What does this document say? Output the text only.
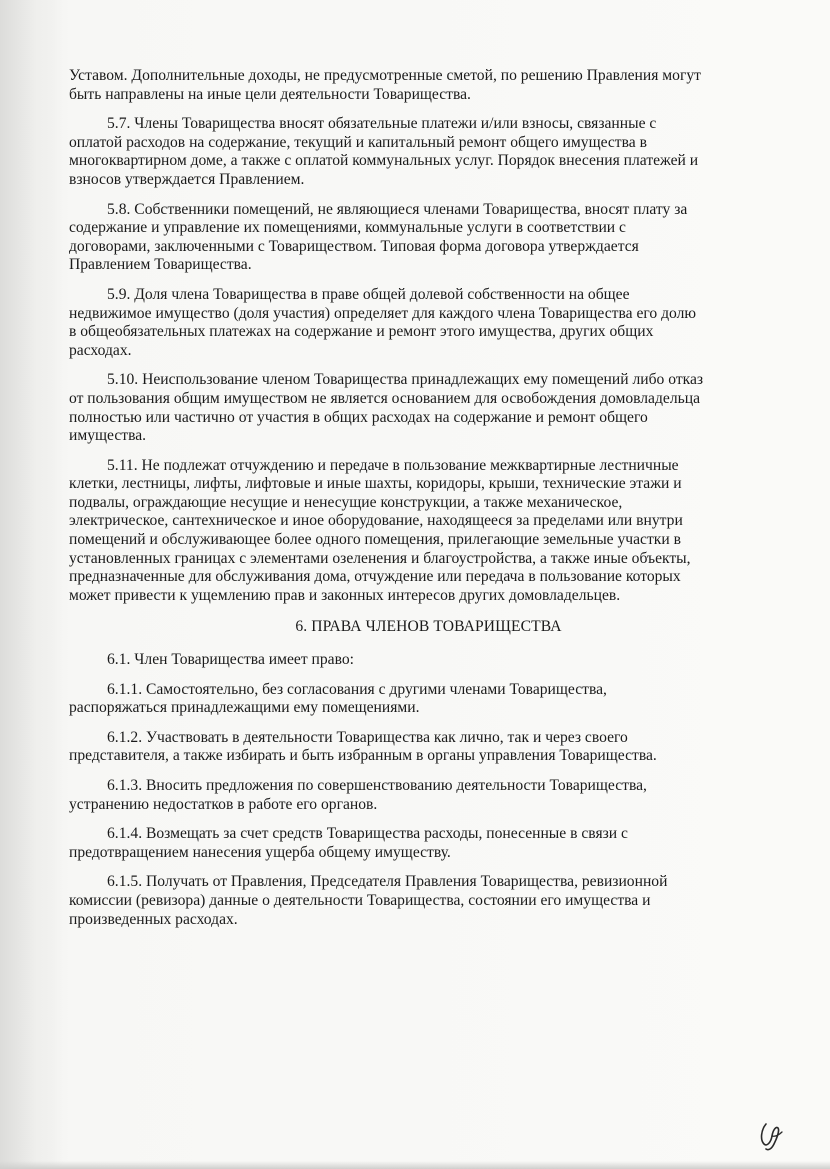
Уставом. Дополнительные доходы, не предусмотренные сметой, по решению Правления могут
быть направлены на иные цели деятельности Товарищества.

5.7. Члены Товарищества вносят обязательные платежи и/или взносы, связанные с
оплатой расходов на содержание, текущий и капитальный ремонт общего имущества в
многоквартирном доме, а также с оплатой коммунальных услуг. Порядок внесения платежей и
взносов утверждается Правлением.

5.8. Собственники помещений, не являющиеся членами Товарищества, вносят плату за
содержание и управление их помещениями, коммунальные услуги в соответствии с
договорами, заключенными с Товариществом. Типовая форма договора утверждается
Правлением Товарищества.

5.9. Доля члена Товарищества в праве общей долевой собственности на общее
недвижимое имущество (доля участия) определяет для каждого члена Товарищества его долю
в общеобязательных платежах на содержание и ремонт этого имущества, других общих
расходах.

5.10. Неиспользование членом Товарищества принадлежащих ему помещений либо отказ
от пользования общим имуществом не является основанием для освобождения домовладельца
полностью или частично от участия в общих расходах на содержание и ремонт общего
имущества.

5.11. Не подлежат отчуждению и передаче в пользование межквартирные лестничные
клетки, лестницы, лифты, лифтовые и иные шахты, коридоры, крыши, технические этажи и
подвалы, ограждающие несущие и ненесущие конструкции, а также механическое,
электрическое, сантехническое и иное оборудование, находящееся за пределами или внутри
помещений и обслуживающее более одного помещения, прилегающие земельные участки в
установленных границах с элементами озеленения и благоустройства, а также иные объекты,
предназначенные для обслуживания дома, отчуждение или передача в пользование которых
может привести к ущемлению прав и законных интересов других домовладельцев.

6. ПРАВА ЧЛЕНОВ ТОВАРИЩЕСТВА

6.1. Член Товарищества имеет право:

6.1.1. Самостоятельно, без согласования с другими членами Товарищества,
распоряжаться принадлежащими ему помещениями.

6.1.2. Участвовать в деятельности Товарищества как лично, так и через своего
представителя, а также избирать и быть избранным в органы управления Товарищества.

6.1.3. Вносить предложения по совершенствованию деятельности Товарищества,
устранению недостатков в работе его органов.

6.1.4. Возмещать за счет средств Товарищества расходы, понесенные в связи с
предотвращением нанесения ущерба общему имуществу.

6.1.5. Получать от Правления, Председателя Правления Товарищества, ревизионной
комиссии (ревизора) данные о деятельности Товарищества, состоянии его имущества и
произведенных расходах.
